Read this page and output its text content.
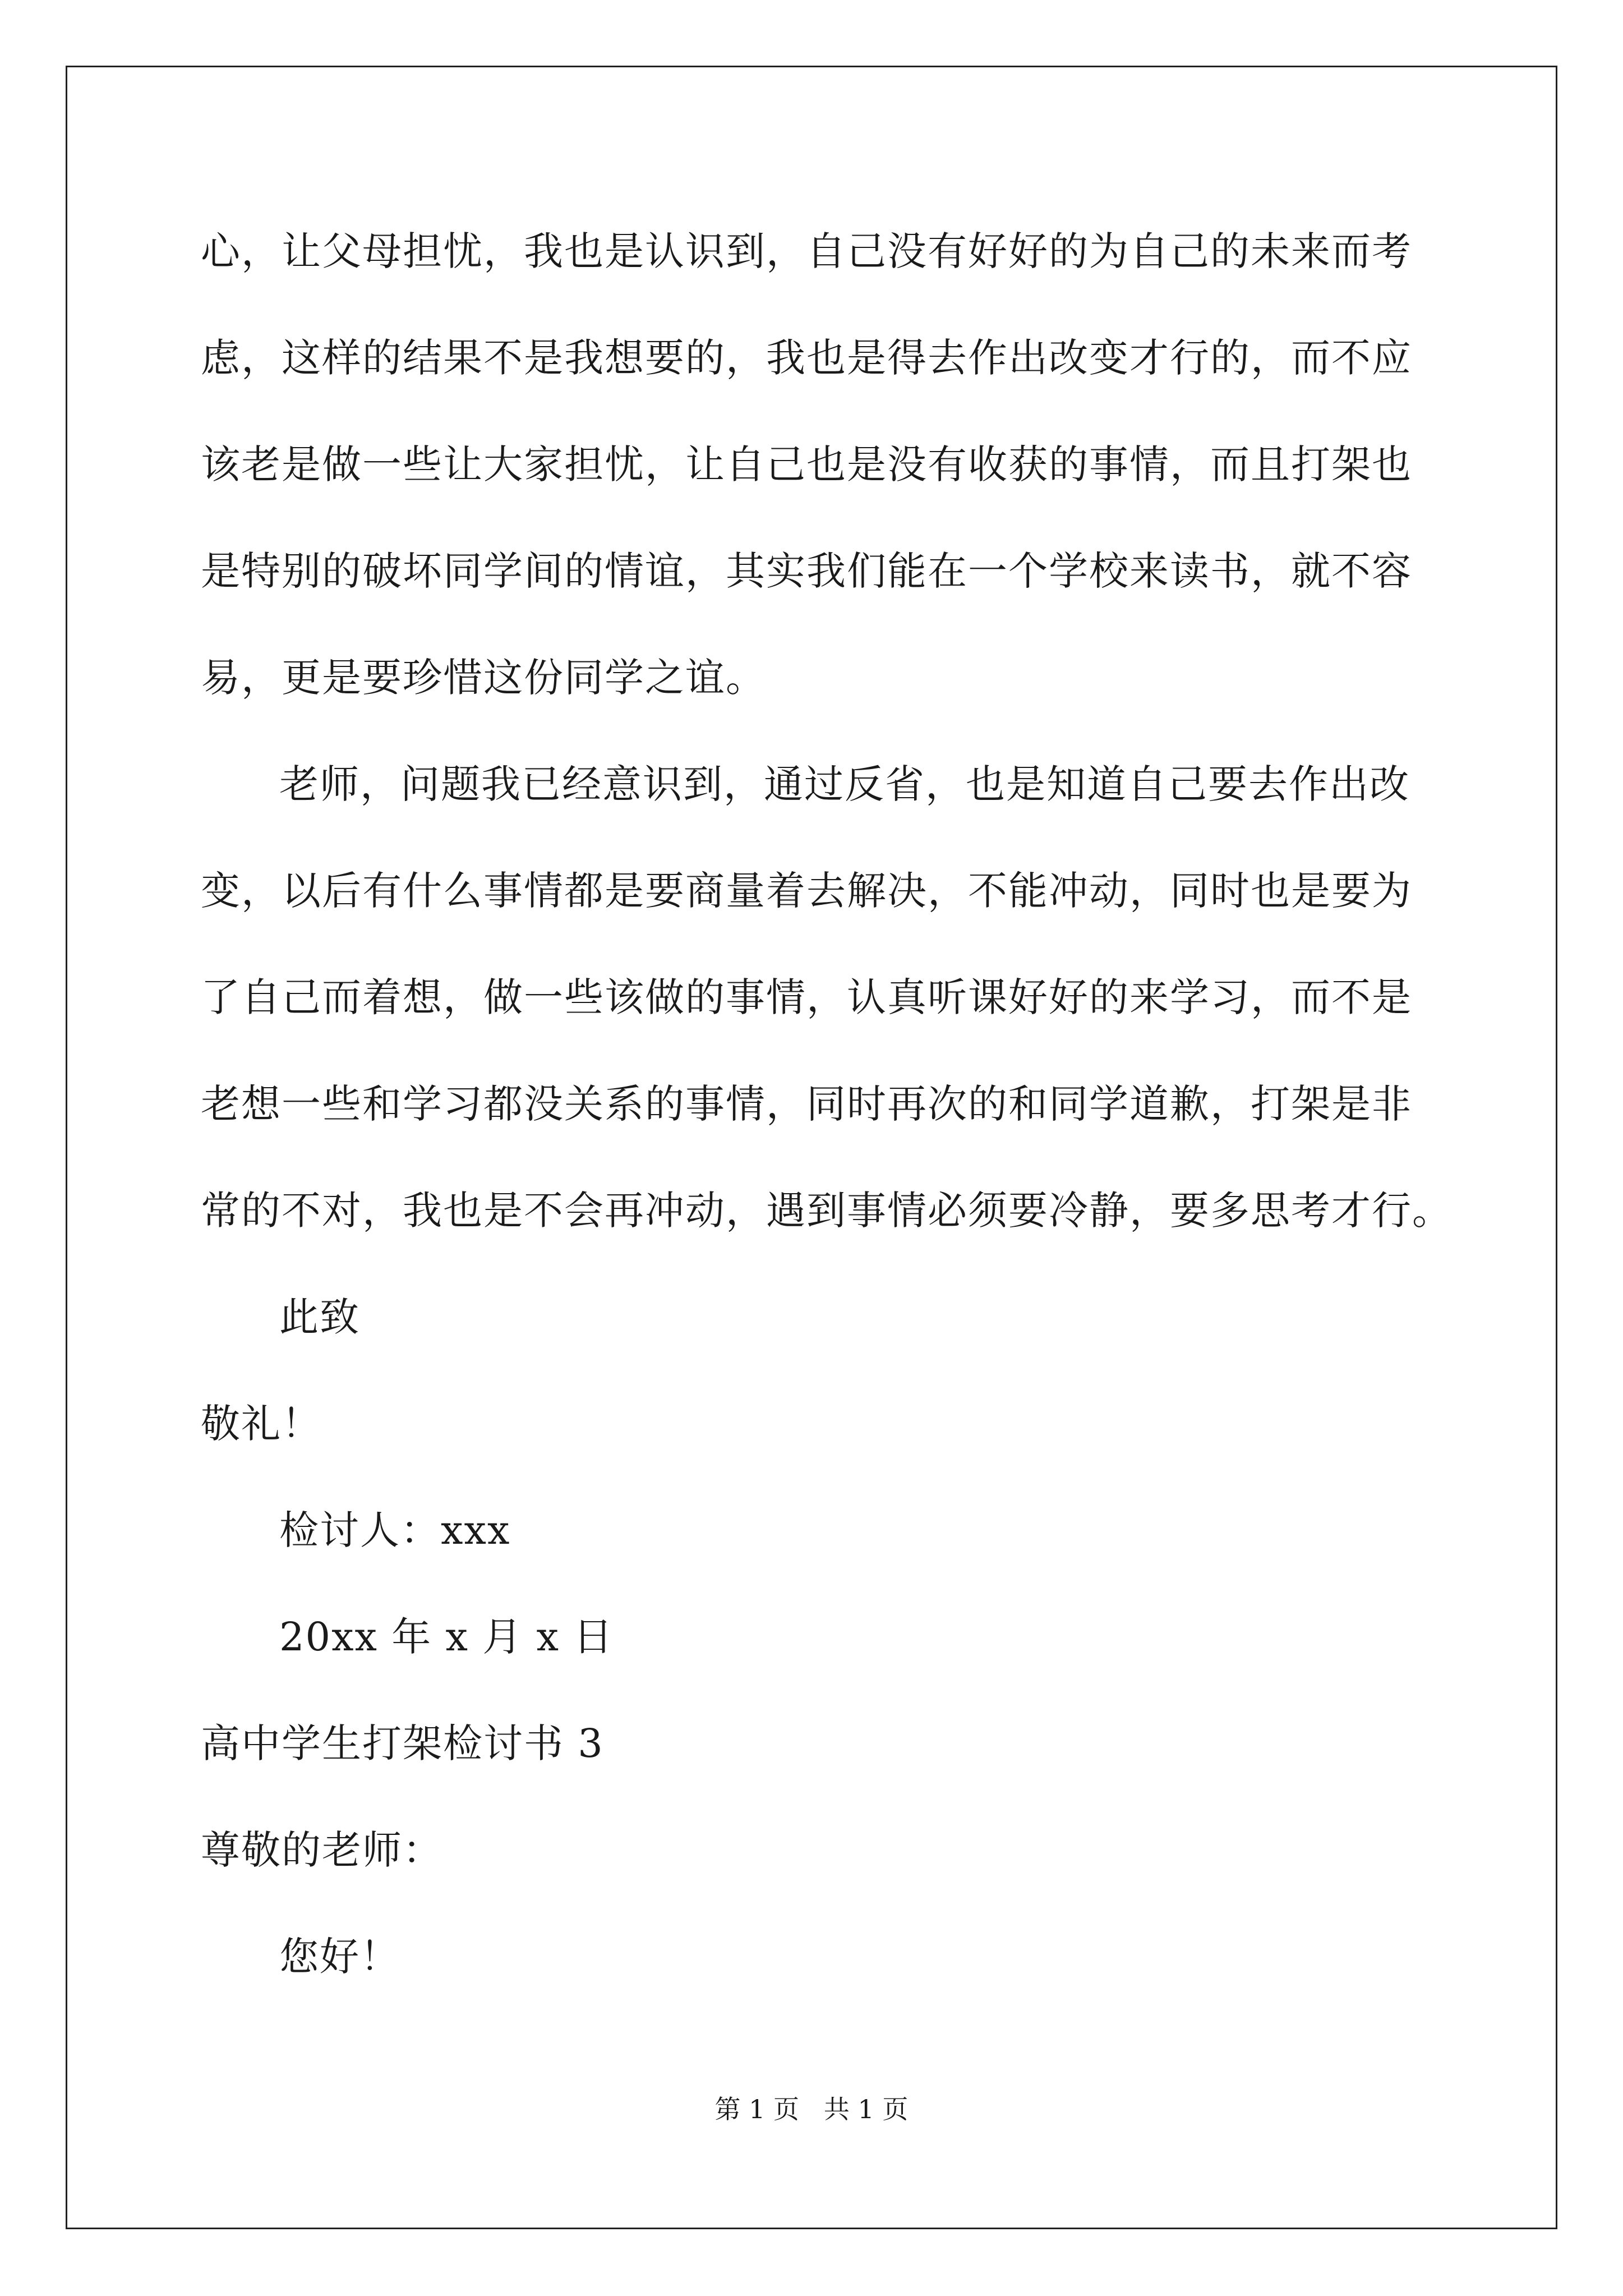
心，让父母担忧，我也是认识到，自己没有好好的为自己的未来而考
虑，这样的结果不是我想要的，我也是得去作出改变才行的，而不应
该老是做一些让大家担忧，让自己也是没有收获的事情，而且打架也
是特别的破坏同学间的情谊，其实我们能在一个学校来读书，就不容
易，更是要珍惜这份同学之谊。
老师，问题我已经意识到，通过反省，也是知道自己要去作出改
变，以后有什么事情都是要商量着去解决，不能冲动，同时也是要为
了自己而着想，做一些该做的事情，认真听课好好的来学习，而不是
老想一些和学习都没关系的事情，同时再次的和同学道歉，打架是非
常的不对，我也是不会再冲动，遇到事情必须要冷静，要多思考才行。
此致
敬礼！
检讨人：xxx
20xx 年 x 月 x 日
高中学生打架检讨书 3
尊敬的老师：
您好！
第 1 页   共 1 页
